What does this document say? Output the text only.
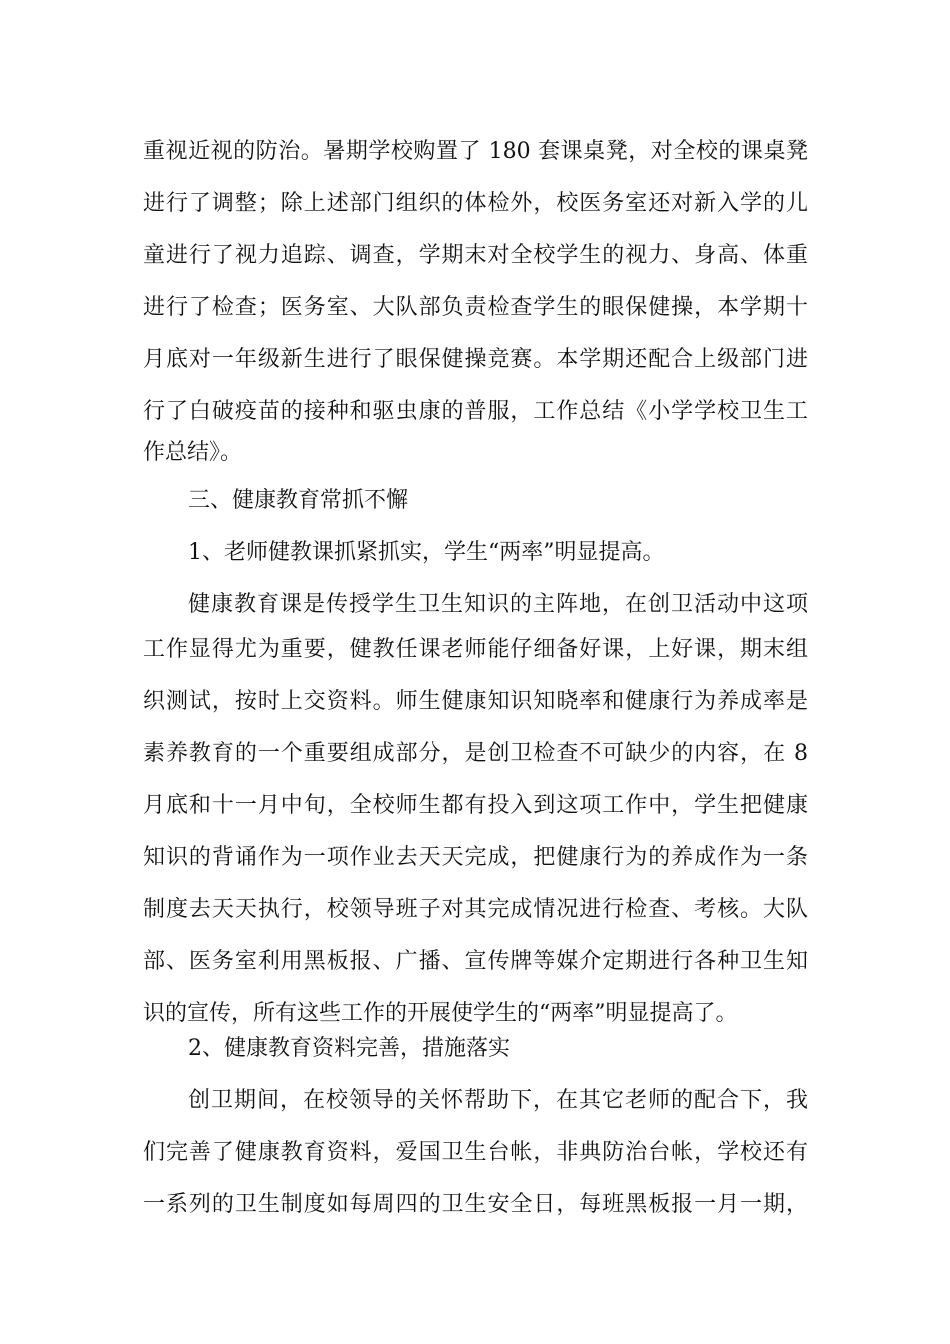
重视近视的防治。暑期学校购置了 180 套课桌凳，对全校的课桌凳
进行了调整；除上述部门组织的体检外，校医务室还对新入学的儿
童进行了视力追踪、调查，学期末对全校学生的视力、身高、体重
进行了检查；医务室、大队部负责检查学生的眼保健操，本学期十
月底对一年级新生进行了眼保健操竞赛。本学期还配合上级部门进
行了白破疫苗的接种和驱虫康的普服，工作总结《小学学校卫生工
作总结》。
三、健康教育常抓不懈
1、老师健教课抓紧抓实，学生“两率”明显提高。
健康教育课是传授学生卫生知识的主阵地，在创卫活动中这项
工作显得尤为重要，健教任课老师能仔细备好课，上好课，期末组
织测试，按时上交资料。师生健康知识知晓率和健康行为养成率是
素养教育的一个重要组成部分，是创卫检查不可缺少的内容，在 8
月底和十一月中旬，全校师生都有投入到这项工作中，学生把健康
知识的背诵作为一项作业去天天完成，把健康行为的养成作为一条
制度去天天执行，校领导班子对其完成情况进行检查、考核。大队
部、医务室利用黑板报、广播、宣传牌等媒介定期进行各种卫生知
识的宣传，所有这些工作的开展使学生的“两率”明显提高了。
2、健康教育资料完善，措施落实
创卫期间，在校领导的关怀帮助下，在其它老师的配合下，我
们完善了健康教育资料，爱国卫生台帐，非典防治台帐，学校还有
一系列的卫生制度如每周四的卫生安全日，每班黑板报一月一期，
